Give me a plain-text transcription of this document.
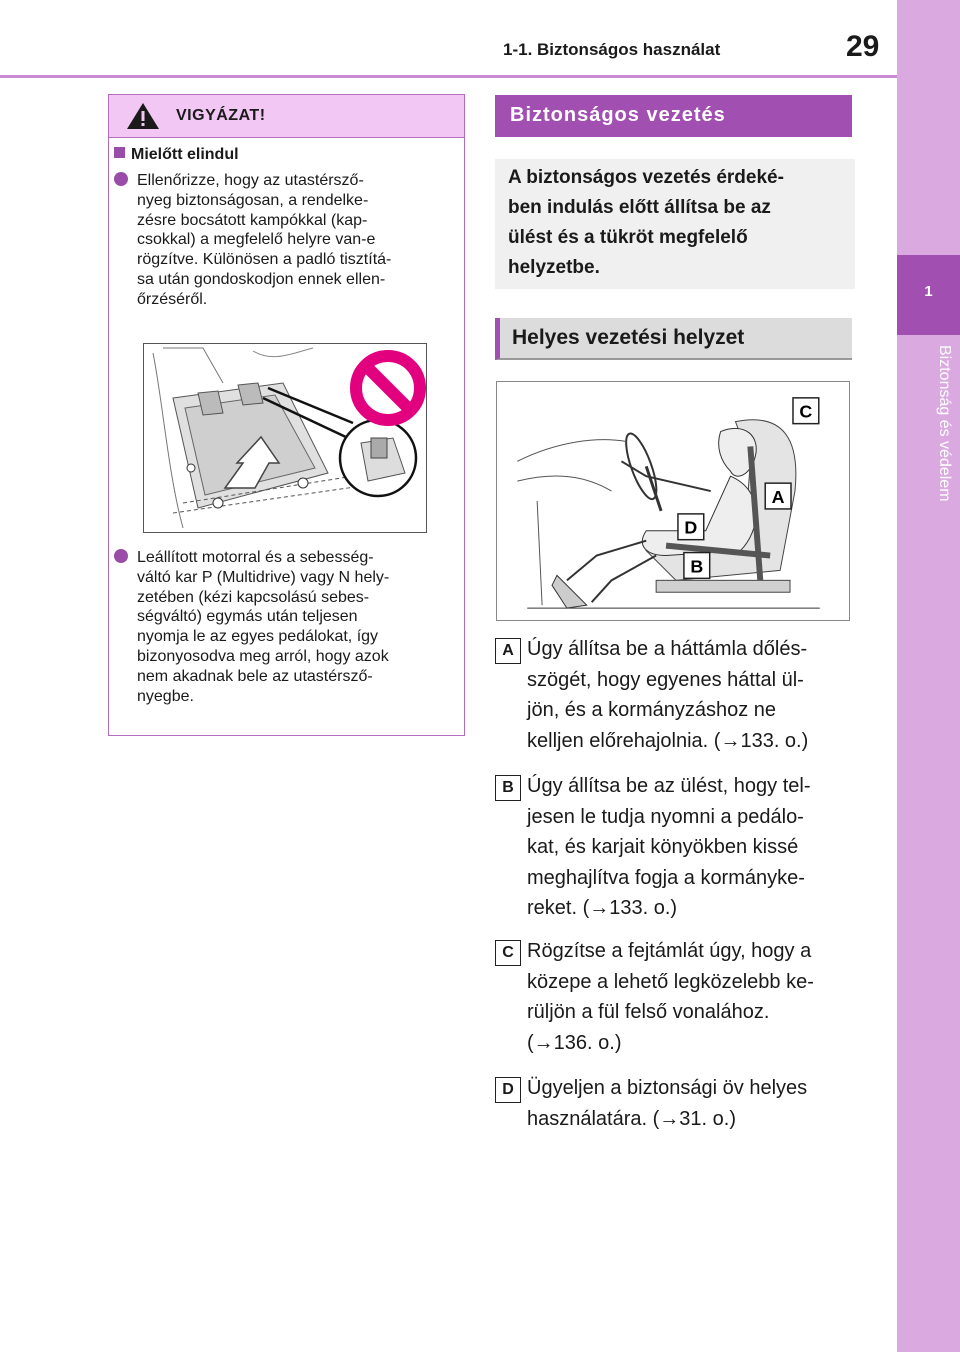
1-1. Biztonságos használat	29
1
Biztonság és védelem
VIGYÁZAT!
Mielőtt elindul
Ellenőrizze, hogy az utastérsző-
nyeg biztonságosan, a rendelke-
zésre bocsátott kampókkal (kap-
csokkal) a megfelelő helyre van-e
rögzítve. Különösen a padló tisztítá-
sa után gondoskodjon ennek ellen-
őrzéséről.
Leállított motorral és a sebesség-
váltó kar P (Multidrive) vagy N hely-
zetében (kézi kapcsolású sebes-
ségváltó) egymás után teljesen
nyomja le az egyes pedálokat, így
bizonyosodva meg arról, hogy azok
nem akadnak bele az utastérsző-
nyegbe.
Biztonságos vezetés
A biztonságos vezetés érdeké-
ben indulás előtt állítsa be az
ülést és a tükröt megfelelő
helyzetbe.
Helyes vezetési helyzet
C
A
D
B
A Úgy állítsa be a háttámla dőlés-
szögét, hogy egyenes háttal ül-
jön, és a kormányzáshoz ne
kelljen előrehajolnia. (→133. o.)
B Úgy állítsa be az ülést, hogy tel-
jesen le tudja nyomni a pedálo-
kat, és karjait könyökben kissé
meghajlítva fogja a kormányke-
reket. (→133. o.)
C Rögzítse a fejtámlát úgy, hogy a
közepe a lehető legközelebb ke-
rüljön a fül felső vonalához.
(→136. o.)
D Ügyeljen a biztonsági öv helyes
használatára. (→31. o.)
